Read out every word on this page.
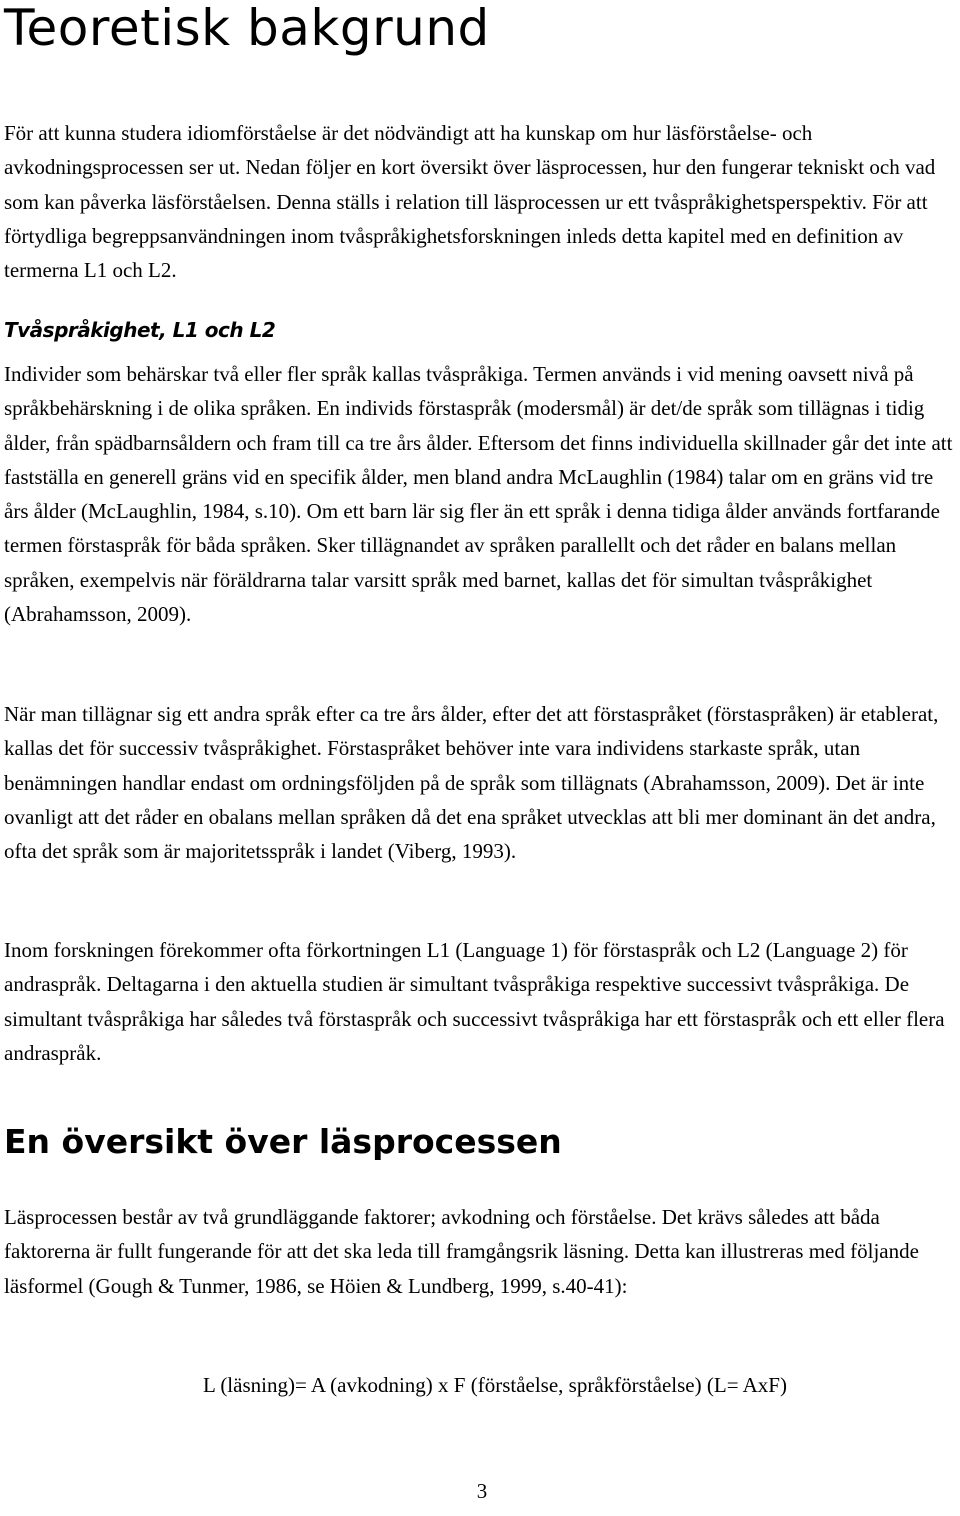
Teoretisk bakgrund

För att kunna studera idiomförståelse är det nödvändigt att ha kunskap om hur läsförståelse- och avkodningsprocessen ser ut. Nedan följer en kort översikt över läsprocessen, hur den fungerar tekniskt och vad som kan påverka läsförståelsen. Denna ställs i relation till läsprocessen ur ett tvåspråkighetsperspektiv. För att förtydliga begreppsanvändningen inom tvåspråkighetsforskningen inleds detta kapitel med en definition av termerna L1 och L2.

Tvåspråkighet, L1 och L2

Individer som behärskar två eller fler språk kallas tvåspråkiga. Termen används i vid mening oavsett nivå på språkbehärskning i de olika språken. En individs förstaspråk (modersmål) är det/de språk som tillägnas i tidig ålder, från spädbarnsåldern och fram till ca tre års ålder. Eftersom det finns individuella skillnader går det inte att fastställa en generell gräns vid en specifik ålder, men bland andra McLaughlin (1984) talar om en gräns vid tre års ålder (McLaughlin, 1984, s.10). Om ett barn lär sig fler än ett språk i denna tidiga ålder används fortfarande termen förstaspråk för båda språken. Sker tillägnandet av språken parallellt och det råder en balans mellan språken, exempelvis när föräldrarna talar varsitt språk med barnet, kallas det för simultan tvåspråkighet (Abrahamsson, 2009).

När man tillägnar sig ett andra språk efter ca tre års ålder, efter det att förstaspråket (förstaspråken) är etablerat, kallas det för successiv tvåspråkighet. Förstaspråket behöver inte vara individens starkaste språk, utan benämningen handlar endast om ordningsföljden på de språk som tillägnats (Abrahamsson, 2009). Det är inte ovanligt att det råder en obalans mellan språken då det ena språket utvecklas att bli mer dominant än det andra, ofta det språk som är majoritetsspråk i landet (Viberg, 1993).

Inom forskningen förekommer ofta förkortningen L1 (Language 1) för förstaspråk och L2 (Language 2) för andraspråk. Deltagarna i den aktuella studien är simultant tvåspråkiga respektive successivt tvåspråkiga. De simultant tvåspråkiga har således två förstaspråk och successivt tvåspråkiga har ett förstaspråk och ett eller flera andraspråk.

En översikt över läsprocessen

Läsprocessen består av två grundläggande faktorer; avkodning och förståelse. Det krävs således att båda faktorerna är fullt fungerande för att det ska leda till framgångsrik läsning. Detta kan illustreras med följande läsformel (Gough & Tunmer, 1986, se Höien & Lundberg, 1999, s.40-41):

L (läsning)= A (avkodning) x F (förståelse, språkförståelse) (L= AxF)

3
